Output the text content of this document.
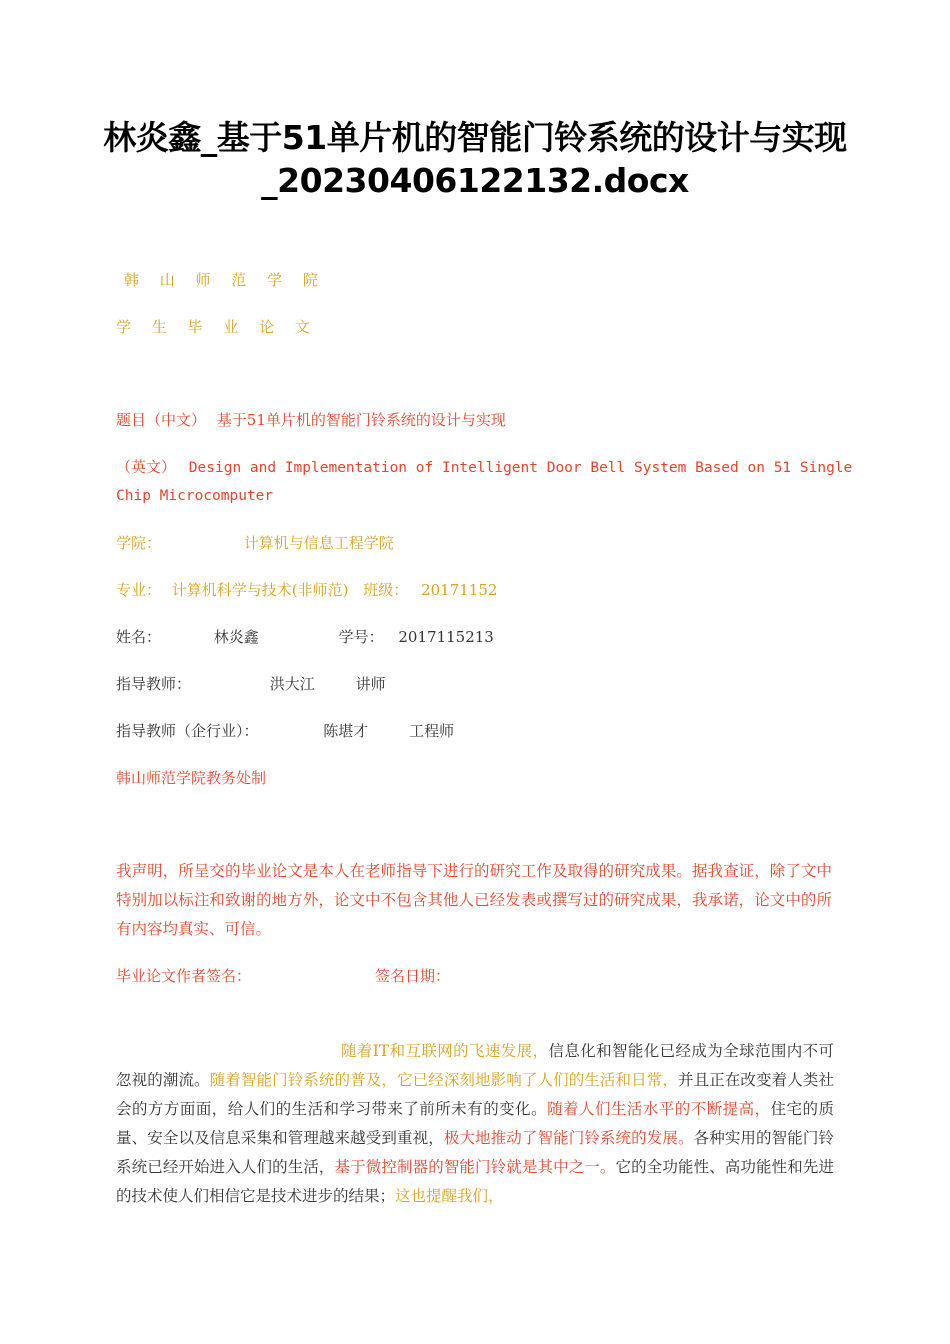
林炎鑫_基于51单片机的智能门铃系统的设计与实现_20230406122132.docx
韩 山 师 范 学 院
学 生 毕 业 论 文
题目（中文） 基于51单片机的智能门铃系统的设计与实现
（英文） Design and Implementation of Intelligent Door Bell System Based on 51 Single
Chip Microcomputer
学院：	计算机与信息工程学院
专业： 计算机科学与技术(非师范) 班级： 20171152
姓名：	林炎鑫	学号： 2017115213
指导教师：	洪大江	讲师
指导教师（企行业）：	陈堪才	工程师
韩山师范学院教务处制
我声明，所呈交的毕业论文是本人在老师指导下进行的研究工作及取得的研究成果。据我查证，除了文中特别加以标注和致谢的地方外，论文中不包含其他人已经发表或撰写过的研究成果，我承诺，论文中的所有内容均真实、可信。
毕业论文作者签名：	签名日期：
随着IT和互联网的飞速发展，信息化和智能化已经成为全球范围内不可忽视的潮流。随着智能门铃系统的普及，它已经深刻地影响了人们的生活和日常，并且正在改变着人类社会的方方面面，给人们的生活和学习带来了前所未有的变化。随着人们生活水平的不断提高，住宅的质量、安全以及信息采集和管理越来越受到重视，极大地推动了智能门铃系统的发展。各种实用的智能门铃系统已经开始进入人们的生活，基于微控制器的智能门铃就是其中之一。它的全功能性、高功能性和先进的技术使人们相信它是技术进步的结果；这也提醒我们，
